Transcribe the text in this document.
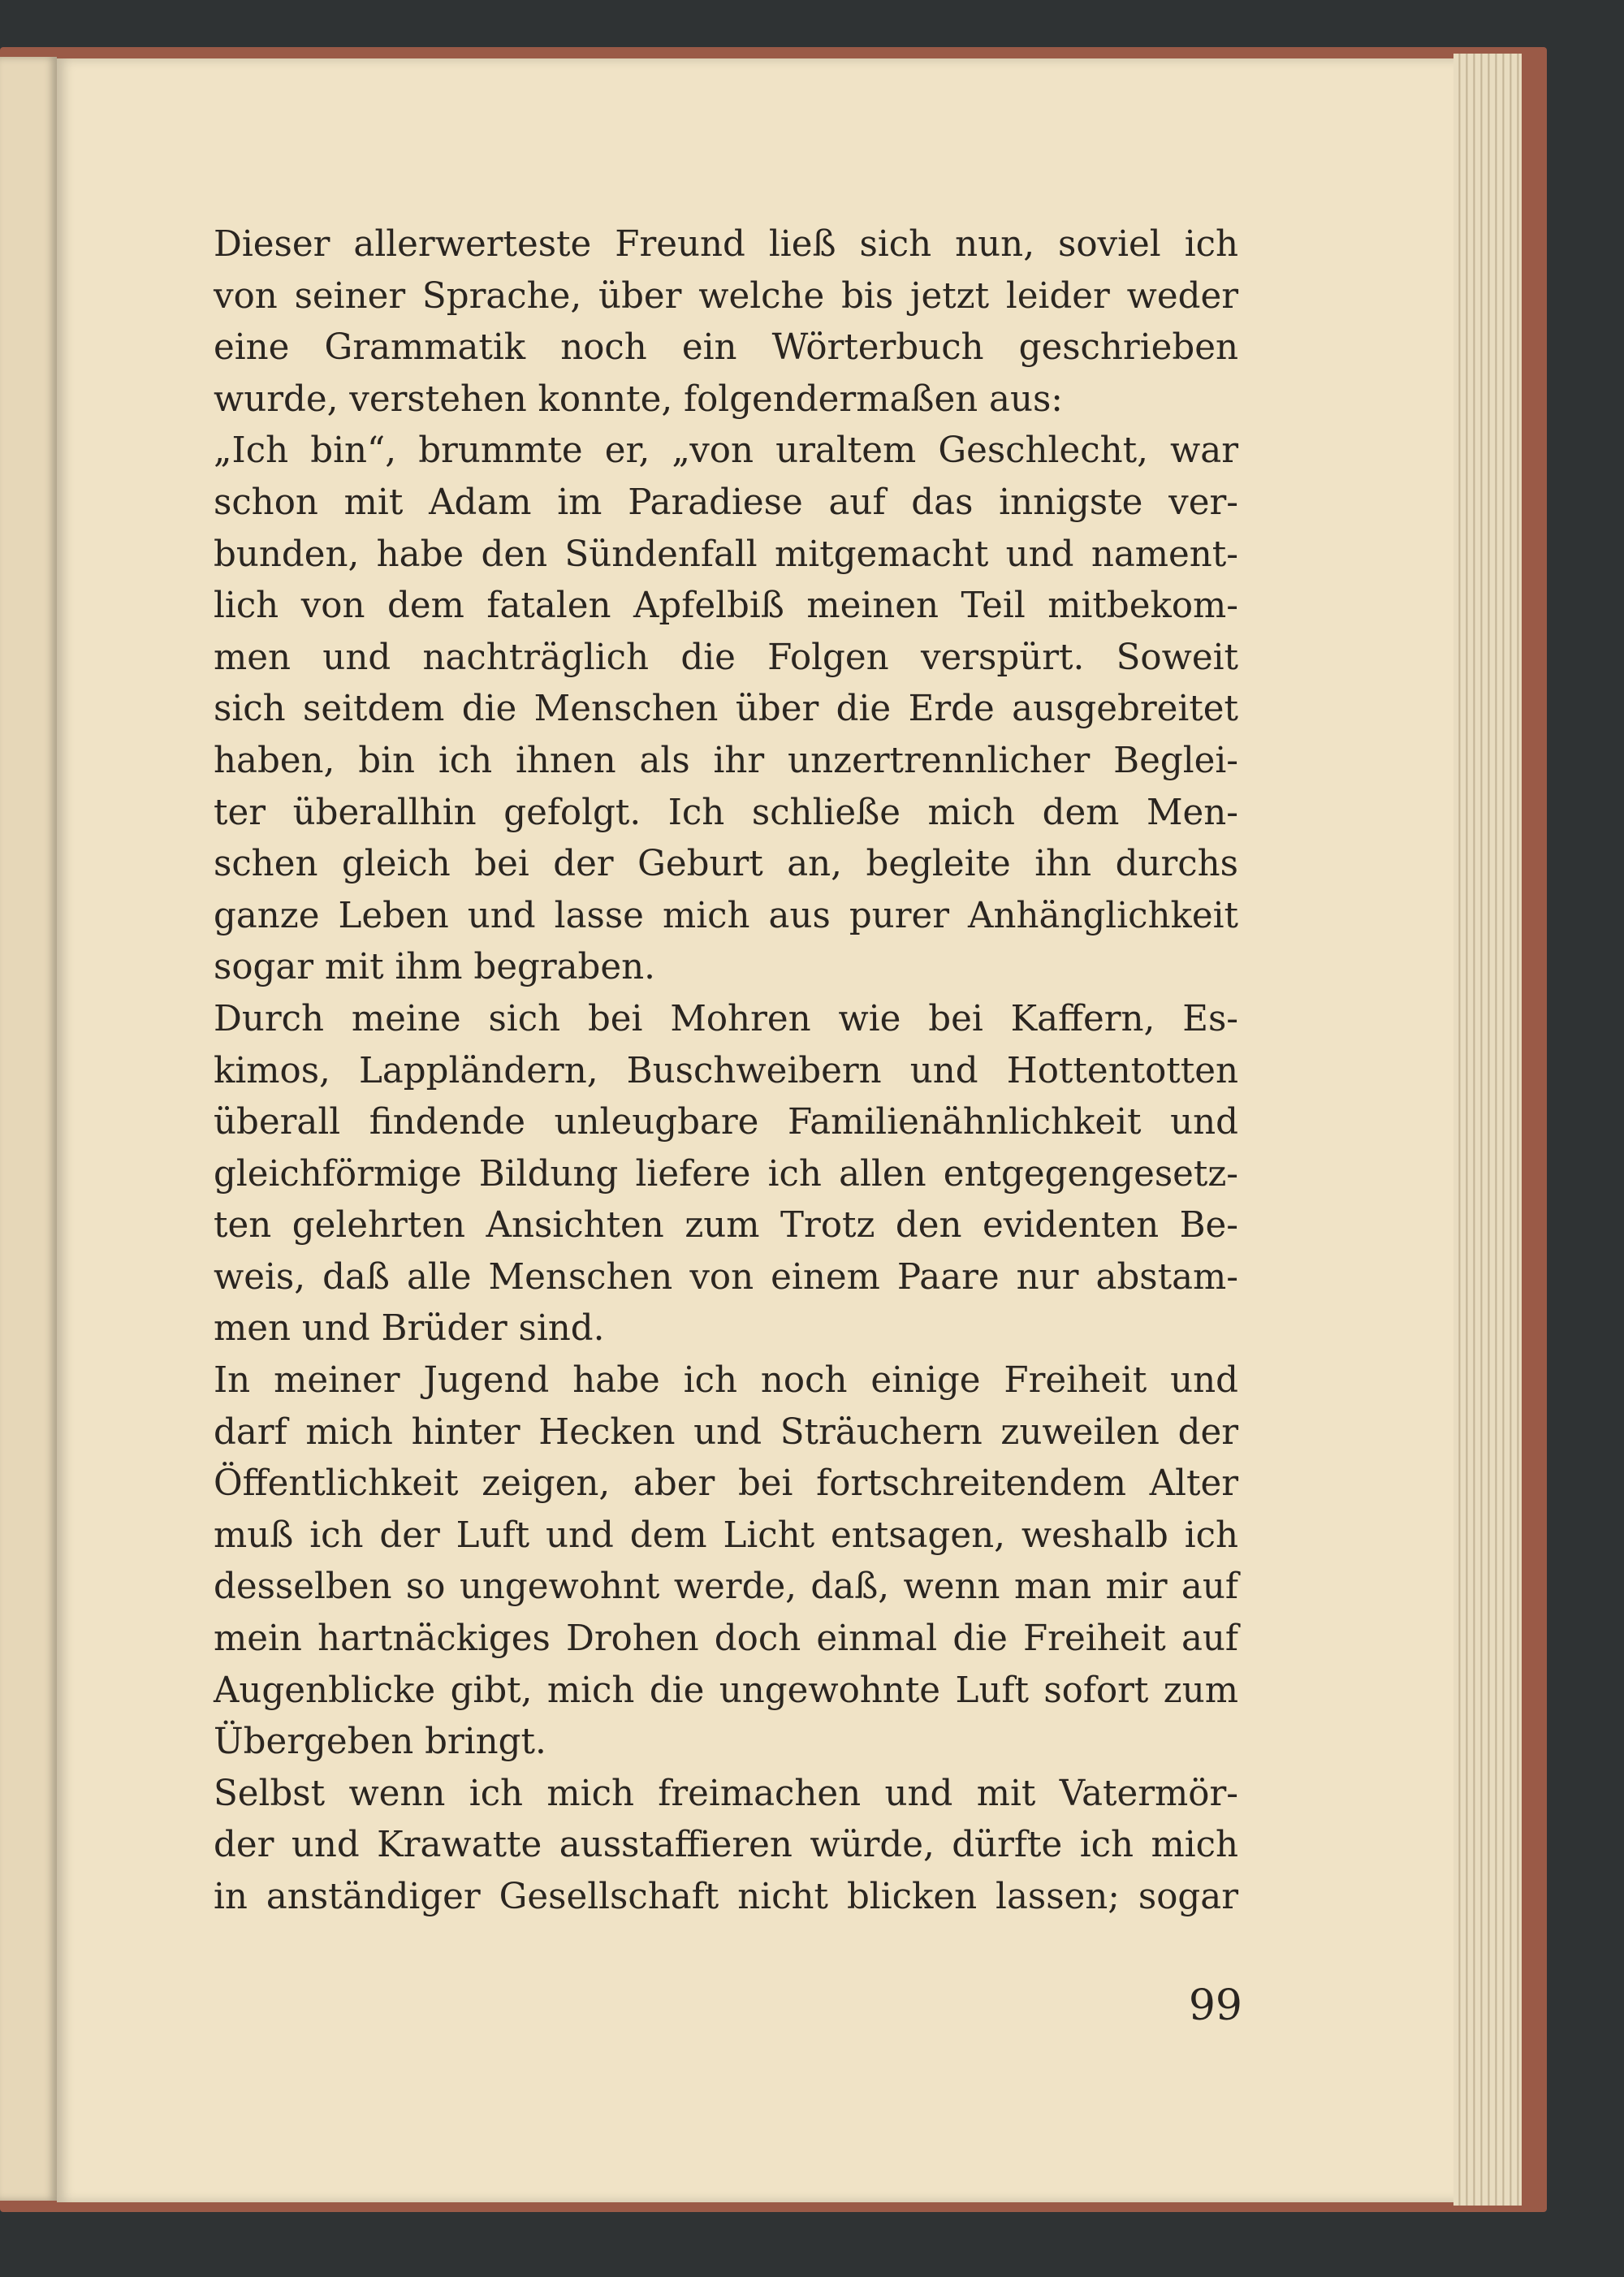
Dieser allerwerteste Freund ließ sich nun, soviel ich
von seiner Sprache, über welche bis jetzt leider weder
eine Grammatik noch ein Wörterbuch geschrieben
wurde, verstehen konnte, folgendermaßen aus:

„Ich bin“, brummte er, „von uraltem Geschlecht, war
schon mit Adam im Paradiese auf das innigste ver-
bunden, habe den Sündenfall mitgemacht und nament-
lich von dem fatalen Apfelbiß meinen Teil mitbekom-
men und nachträglich die Folgen verspürt. Soweit
sich seitdem die Menschen über die Erde ausgebreitet
haben, bin ich ihnen als ihr unzertrennlicher Beglei-
ter überallhin gefolgt. Ich schließe mich dem Men-
schen gleich bei der Geburt an, begleite ihn durchs
ganze Leben und lasse mich aus purer Anhänglichkeit
sogar mit ihm begraben.

Durch meine sich bei Mohren wie bei Kaffern, Es-
kimos, Lappländern, Buschweibern und Hottentotten
überall findende unleugbare Familienähnlichkeit und
gleichförmige Bildung liefere ich allen entgegengesetz-
ten gelehrten Ansichten zum Trotz den evidenten Be-
weis, daß alle Menschen von einem Paare nur abstam-
men und Brüder sind.

In meiner Jugend habe ich noch einige Freiheit und
darf mich hinter Hecken und Sträuchern zuweilen der
Öffentlichkeit zeigen, aber bei fortschreitendem Alter
muß ich der Luft und dem Licht entsagen, weshalb ich
desselben so ungewohnt werde, daß, wenn man mir auf
mein hartnäckiges Drohen doch einmal die Freiheit auf
Augenblicke gibt, mich die ungewohnte Luft sofort zum
Übergeben bringt.

Selbst wenn ich mich freimachen und mit Vatermör-
der und Krawatte ausstaffieren würde, dürfte ich mich
in anständiger Gesellschaft nicht blicken lassen; sogar

99
